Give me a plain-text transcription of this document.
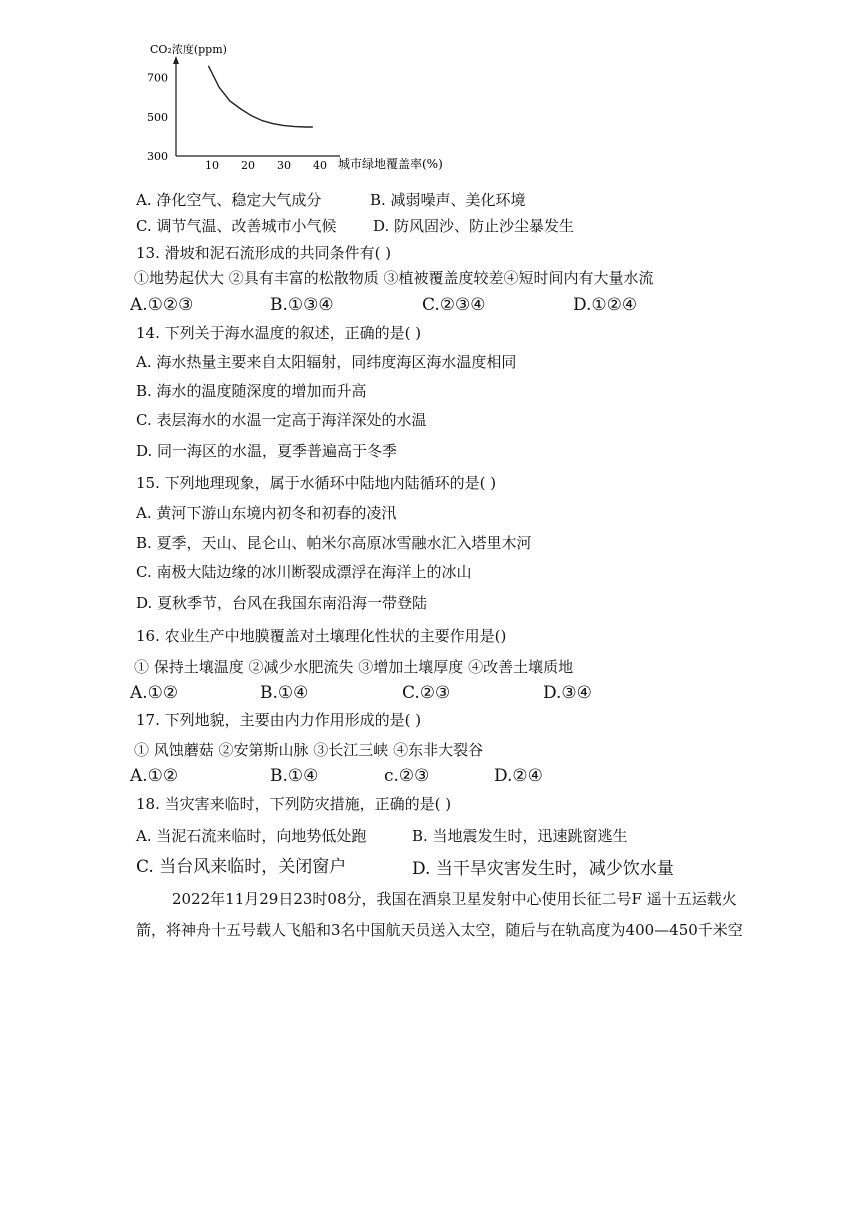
CO₂浓度(ppm)
10 20 30 40
300
500
700
城市绿地覆盖率(%)
A. 净化空气、稳定大气成分	B. 减弱噪声、美化环境
C. 调节气温、改善城市小气候 D. 防风固沙、防止沙尘暴发生
13. 滑坡和泥石流形成的共同条件有( )
①地势起伏大 ②具有丰富的松散物质 ③植被覆盖度较差④短时间内有大量水流
A.①②③	B.①③④	C.②③④	D.①②④
14. 下列关于海水温度的叙述，正确的是( )
A. 海水热量主要来自太阳辐射，同纬度海区海水温度相同
B. 海水的温度随深度的增加而升高
C. 表层海水的水温一定高于海洋深处的水温
D. 同一海区的水温，夏季普遍高于冬季
15. 下列地理现象，属于水循环中陆地内陆循环的是( )
A. 黄河下游山东境内初冬和初春的凌汛
B. 夏季，天山、昆仑山、帕米尔高原冰雪融水汇入塔里木河
C. 南极大陆边缘的冰川断裂成漂浮在海洋上的冰山
D. 夏秋季节，台风在我国东南沿海一带登陆
16. 农业生产中地膜覆盖对土壤理化性状的主要作用是()
① 保持土壤温度 ②减少水肥流失 ③增加土壤厚度 ④改善土壤质地
A.①②	B.①④	C.②③	D.③④
17. 下列地貌，主要由内力作用形成的是( )
① 风蚀蘑菇 ②安第斯山脉 ③长江三峡 ④东非大裂谷
A.①②	B.①④	c.②③	D.②④
18. 当灾害来临时，下列防灾措施，正确的是( )
A. 当泥石流来临时，向地势低处跑	B. 当地震发生时，迅速跳窗逃生
C. 当台风来临时，关闭窗户	D. 当干旱灾害发生时，减少饮水量
2022年11月29日23时08分，我国在酒泉卫星发射中心使用长征二号F 遥十五运载火
箭，将神舟十五号载人飞船和3名中国航天员送入太空，随后与在轨高度为400—450千米空
